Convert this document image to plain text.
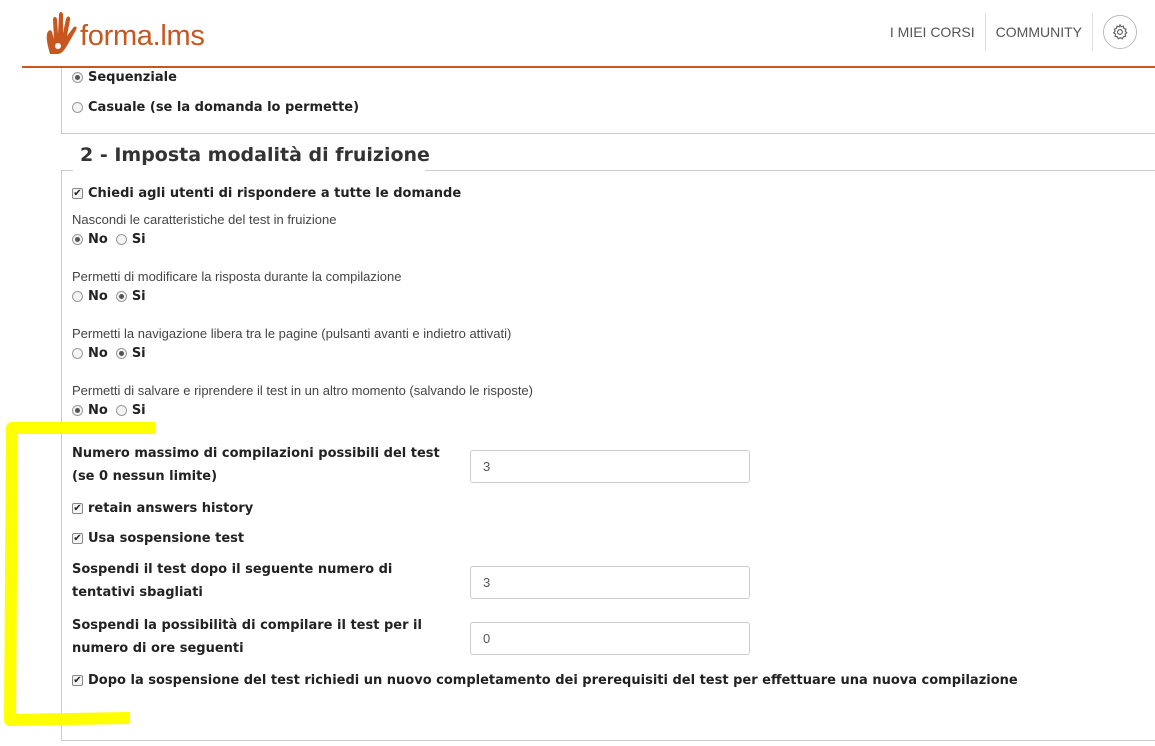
forma.lms	I MIEI CORSI	COMMUNITY
Sequenziale
Casuale (se la domanda lo permette)
2 - Imposta modalità di fruizione
✔ Chiedi agli utenti di rispondere a tutte le domande
Nascondi le caratteristiche del test in fruizione
No Si
Permetti di modificare la risposta durante la compilazione
No Si
Permetti la navigazione libera tra le pagine (pulsanti avanti e indietro attivati)
No Si
Permetti di salvare e riprendere il test in un altro momento (salvando le risposte)
No Si
Numero massimo di compilazioni possibili del test (se 0 nessun limite)
3
✔ retain answers history
✔ Usa sospensione test
Sospendi il test dopo il seguente numero di tentativi sbagliati
3
Sospendi la possibilità di compilare il test per il numero di ore seguenti
0
✔ Dopo la sospensione del test richiedi un nuovo completamento dei prerequisiti del test per effettuare una nuova compilazione
